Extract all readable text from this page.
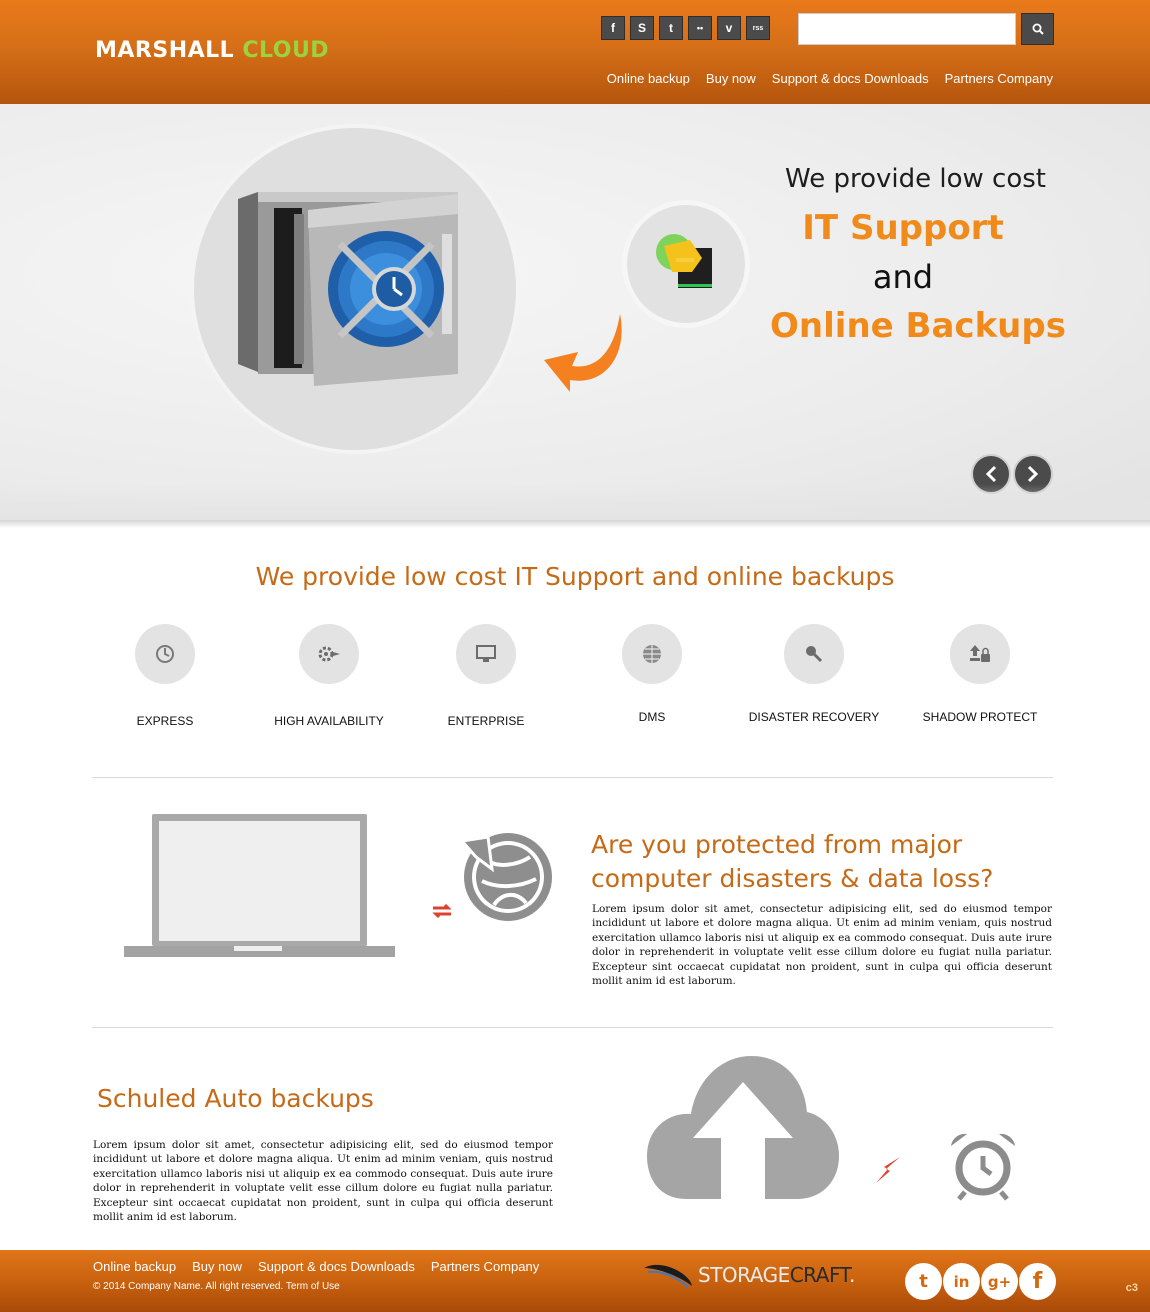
MARSHALL CLOUD
f	S	t	••	v	rss
Online backup Buy now Support & docs Downloads Partners Company
We provide low cost
IT Support
and
Online Backups
We provide low cost IT Support and online backups
EXPRESS	HIGH AVAILABILITY	ENTERPRISE	DMS	DISASTER RECOVERY	SHADOW PROTECT
Are you protected from major computer disasters & data loss?
Lorem ipsum dolor sit amet, consectetur adipisicing elit, sed do eiusmod tempor incididunt ut labore et dolore magna aliqua. Ut enim ad minim veniam, quis nostrud exercitation ullamco laboris nisi ut aliquip ex ea commodo consequat. Duis aute irure dolor in reprehenderit in voluptate velit esse cillum dolore eu fugiat nulla pariatur. Excepteur sint occaecat cupidatat non proident, sunt in culpa qui officia deserunt mollit anim id est laborum.
Schuled Auto backups
Lorem ipsum dolor sit amet, consectetur adipisicing elit, sed do eiusmod tempor incididunt ut labore et dolore magna aliqua. Ut enim ad minim veniam, quis nostrud exercitation ullamco laboris nisi ut aliquip ex ea commodo consequat. Duis aute irure dolor in reprehenderit in voluptate velit esse cillum dolore eu fugiat nulla pariatur. Excepteur sint occaecat cupidatat non proident, sunt in culpa qui officia deserunt mollit anim id est laborum.
Online backup Buy now Support & docs Downloads Partners Company
© 2014 Company Name. All right reserved. Term of Use	STORAGECRAFT.	t	in	g+ f	c3
